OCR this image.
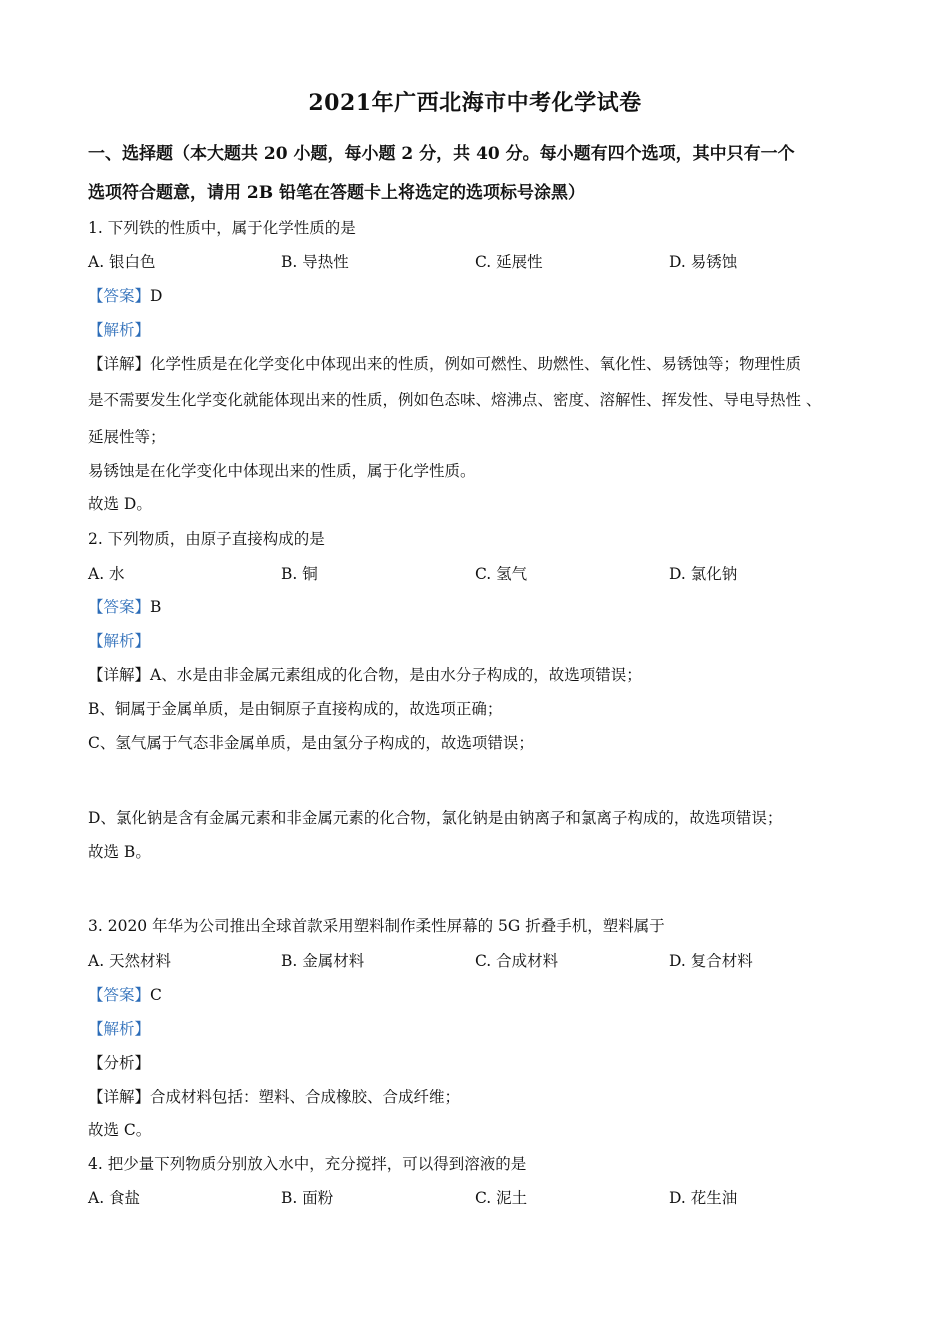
2021年广西北海市中考化学试卷
一、选择题（本大题共 20 小题，每小题 2 分，共 40 分。每小题有四个选项，其中只有一个
选项符合题意，请用 2B 铅笔在答题卡上将选定的选项标号涂黑）
1. 下列铁的性质中，属于化学性质的是
A. 银白色	B. 导热性	C. 延展性	D. 易锈蚀
【答案】D
【解析】
【详解】化学性质是在化学变化中体现出来的性质，例如可燃性、助燃性、氧化性、易锈蚀等；物理性质
是不需要发生化学变化就能体现出来的性质，例如色态味、熔沸点、密度、溶解性、挥发性、导电导热性 、
延展性等；
易锈蚀是在化学变化中体现出来的性质，属于化学性质。
故选 D。
2. 下列物质，由原子直接构成的是
A. 水	B. 铜	C. 氢气	D. 氯化钠
【答案】B
【解析】
【详解】A、水是由非金属元素组成的化合物，是由水分子构成的，故选项错误；
B、铜属于金属单质，是由铜原子直接构成的，故选项正确；
C、氢气属于气态非金属单质，是由氢分子构成的，故选项错误；
D、氯化钠是含有金属元素和非金属元素的化合物，氯化钠是由钠离子和氯离子构成的，故选项错误；
故选 B。
3. 2020 年华为公司推出全球首款采用塑料制作柔性屏幕的 5G 折叠手机，塑料属于
A. 天然材料	B. 金属材料	C. 合成材料	D. 复合材料
【答案】C
【解析】
【分析】
【详解】合成材料包括：塑料、合成橡胶、合成纤维；
故选 C。
4. 把少量下列物质分别放入水中，充分搅拌，可以得到溶液的是
A. 食盐	B. 面粉	C. 泥土	D. 花生油
